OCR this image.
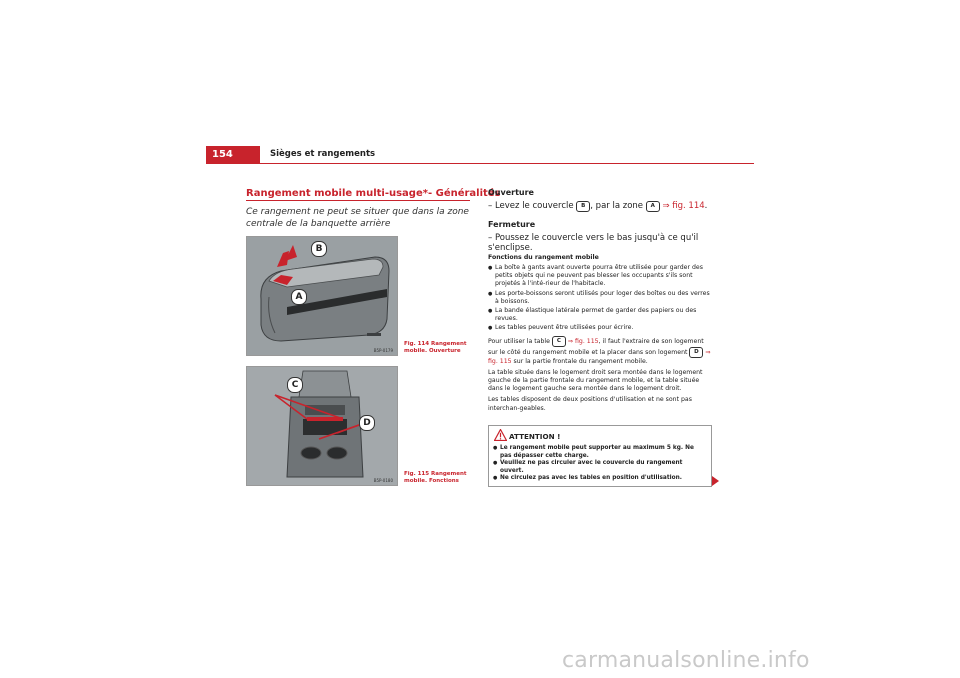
154	Sièges et rangements
Rangement mobile multi-usage*- Généralités
Ce rangement ne peut se situer que dans la zone centrale de la banquette arrière
B
A
B5P-0179
Fig. 114 Rangement mobile. Ouverture
C
D
B5P-0180
Fig. 115 Rangement mobile. Fonctions
Ouverture
– Levez le couvercle B , par la zone A ⇒ fig. 114.
Fermeture
– Poussez le couvercle vers le bas jusqu'à ce qu'il s'enclipse.
Fonctions du rangement mobile
● La boîte à gants avant ouverte pourra être utilisée pour garder des petits objets qui ne peuvent pas blesser les occupants s'ils sont projetés à l'inté-rieur de l'habitacle.
● Les porte-boissons seront utilisés pour loger des boîtes ou des verres à boissons.
● La bande élastique latérale permet de garder des papiers ou des revues.
● Les tables peuvent être utilisées pour écrire.
Pour utiliser la table C ⇒ fig. 115, il faut l'extraire de son logement sur le côté du rangement mobile et la placer dans son logement D ⇒ fig. 115 sur la partie frontale du rangement mobile.
La table située dans le logement droit sera montée dans le logement gauche de la partie frontale du rangement mobile, et la table située dans le logement gauche sera montée dans le logement droit.
Les tables disposent de deux positions d'utilisation et ne sont pas interchan-geables.
ATTENTION !
● Le rangement mobile peut supporter au maximum 5 kg. Ne pas dépasser cette charge.
● Veuillez ne pas circuler avec le couvercle du rangement ouvert.
● Ne circulez pas avec les tables en position d'utilisation.
carmanualsonline.info
